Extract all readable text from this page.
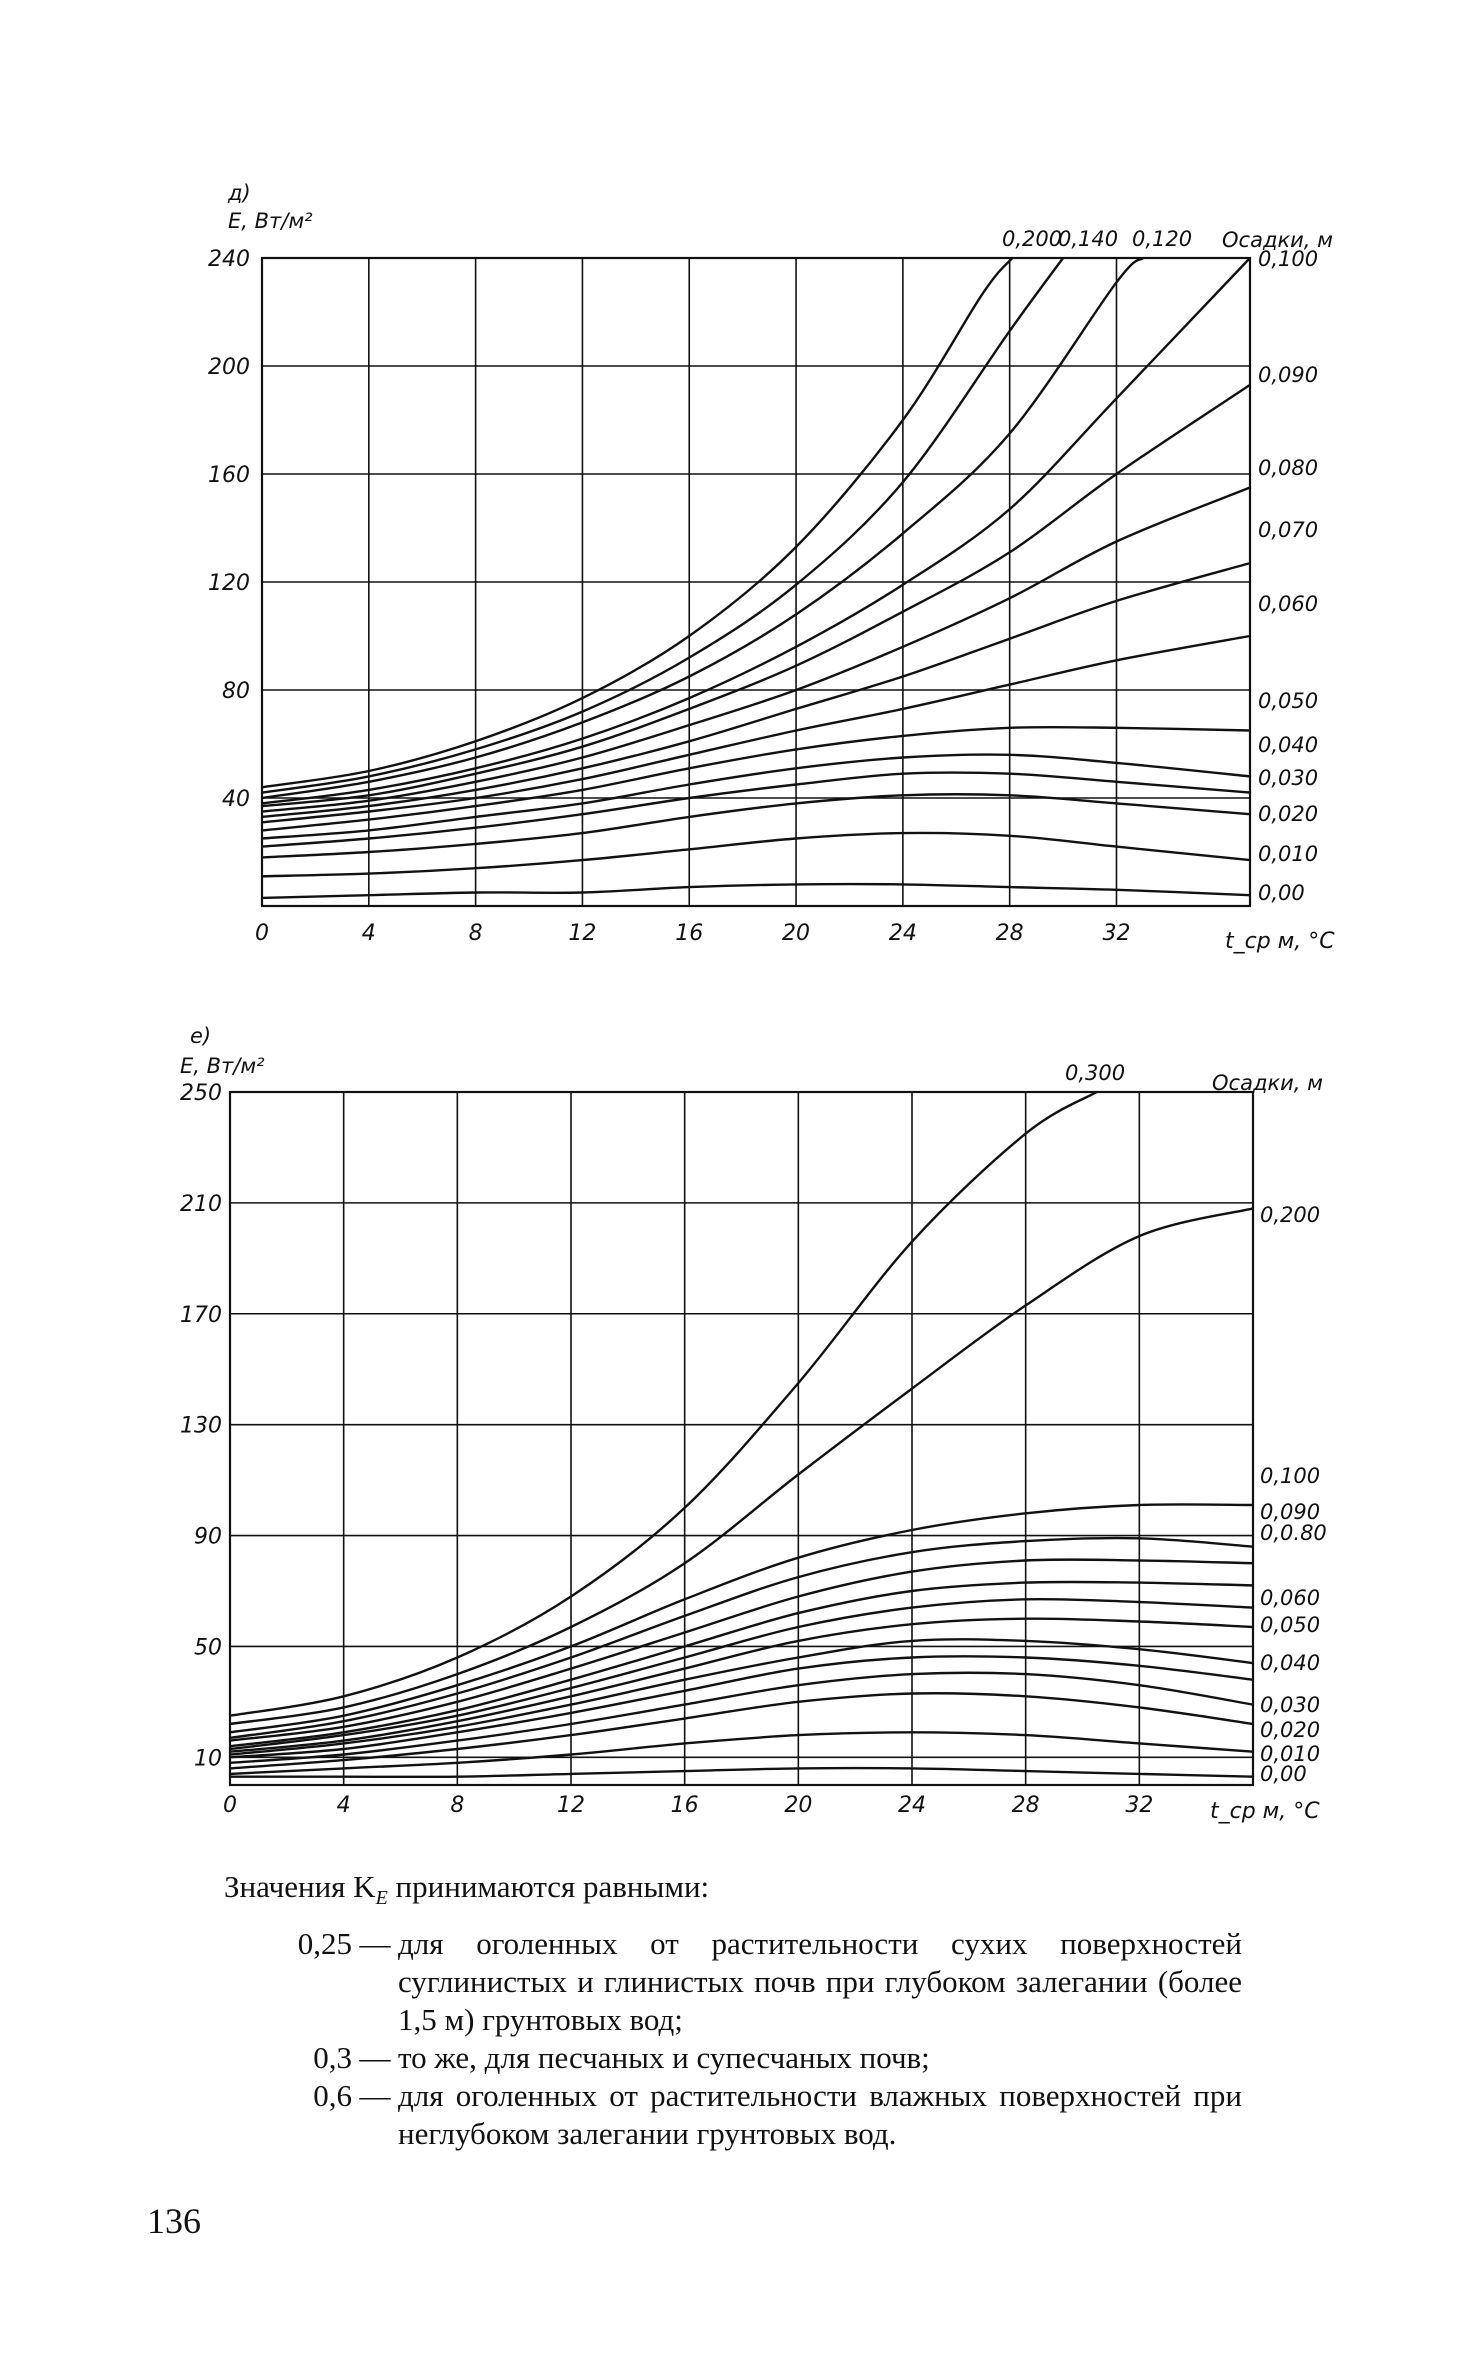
д)
E, Вт/м²
Осадки, м
t_ср м, °C
0	4	8	12	16	20	24	28	32
40
80
120
160
200
240	0,100
0,090
0,080
0,070
0,060
0,050
0,040
0,030
0,020
0,010
0,00
0,200
0,140 0,120
е)
E, Вт/м²
Осадки, м
t_ср м, °C
0	4	8	12	16	20	24	28	32
10
50
90
130
170
210
250
0,200
0,100
0,090
0,0.80
0,060
0,050
0,040
0,030
0,020
0,010
0,00
0,300
Значения $K_E$ принимаются равными:
0,25 — для оголенных от растительности сухих поверхностей суглинистых и глинистых почв при глубоком залегании (более 1,5 м) грунтовых вод;
0,3 — то же, для песчаных и супесчаных почв;
0,6 — для оголенных от растительности влажных поверхностей при неглубоком залегании грунтовых вод.
136
